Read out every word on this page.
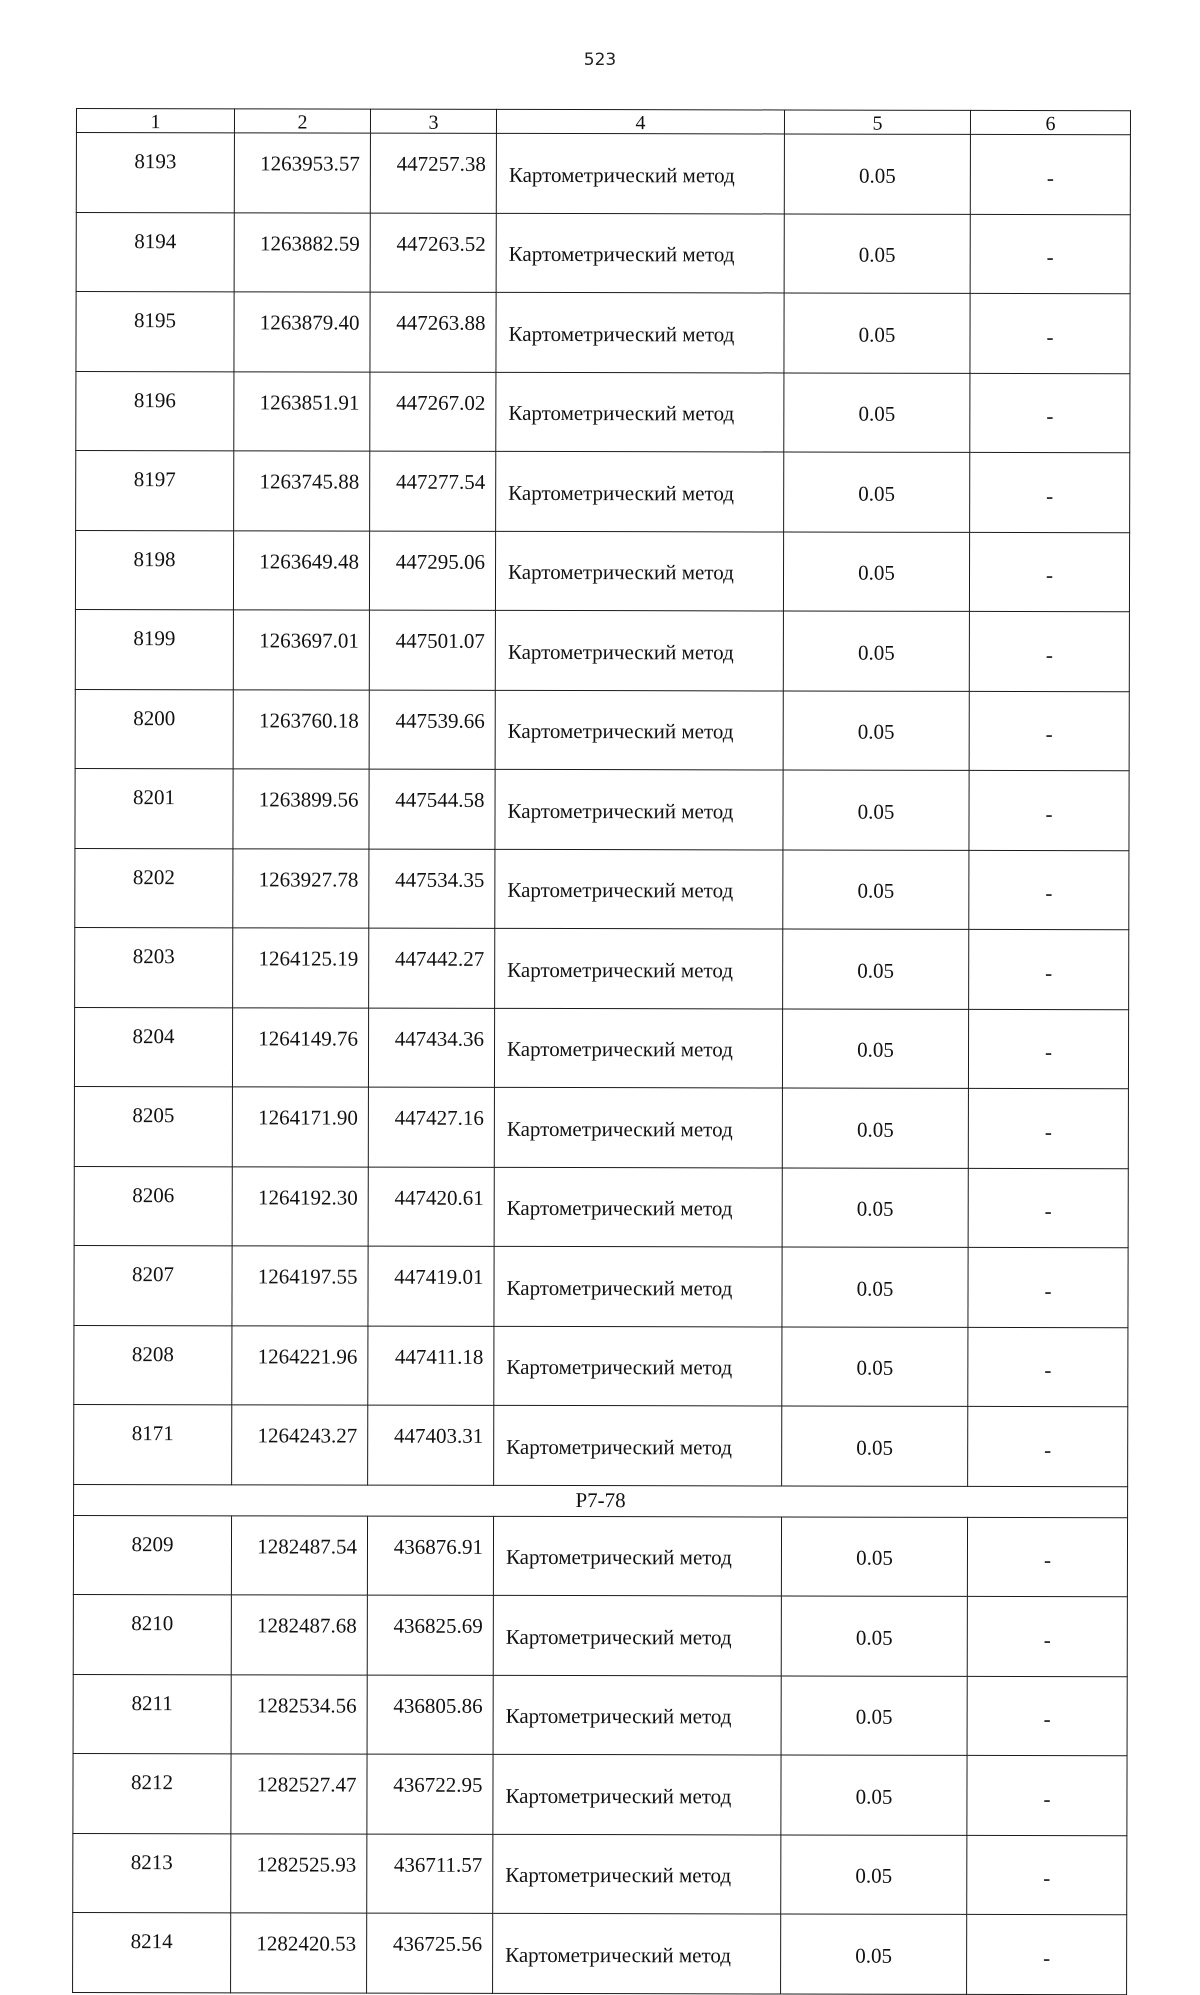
523
1	2	3	4	5	6
8193	1263953.57	447257.38	Картометрический метод	0.05	-
8194	1263882.59	447263.52	Картометрический метод	0.05	-
8195	1263879.40	447263.88	Картометрический метод	0.05	-
8196	1263851.91	447267.02	Картометрический метод	0.05	-
8197	1263745.88	447277.54	Картометрический метод	0.05	-
8198	1263649.48	447295.06	Картометрический метод	0.05	-
8199	1263697.01	447501.07	Картометрический метод	0.05	-
8200	1263760.18	447539.66	Картометрический метод	0.05	-
8201	1263899.56	447544.58	Картометрический метод	0.05	-
8202	1263927.78	447534.35	Картометрический метод	0.05	-
8203	1264125.19	447442.27	Картометрический метод	0.05	-
8204	1264149.76	447434.36	Картометрический метод	0.05	-
8205	1264171.90	447427.16	Картометрический метод	0.05	-
8206	1264192.30	447420.61	Картометрический метод	0.05	-
8207	1264197.55	447419.01	Картометрический метод	0.05	-
8208	1264221.96	447411.18	Картометрический метод	0.05	-
8171	1264243.27	447403.31	Картометрический метод	0.05	-
Р7-78					
8209	1282487.54	436876.91	Картометрический метод	0.05	-
8210	1282487.68	436825.69	Картометрический метод	0.05	-
8211	1282534.56	436805.86	Картометрический метод	0.05	-
8212	1282527.47	436722.95	Картометрический метод	0.05	-
8213	1282525.93	436711.57	Картометрический метод	0.05	-
8214	1282420.53	436725.56	Картометрический метод	0.05	-
